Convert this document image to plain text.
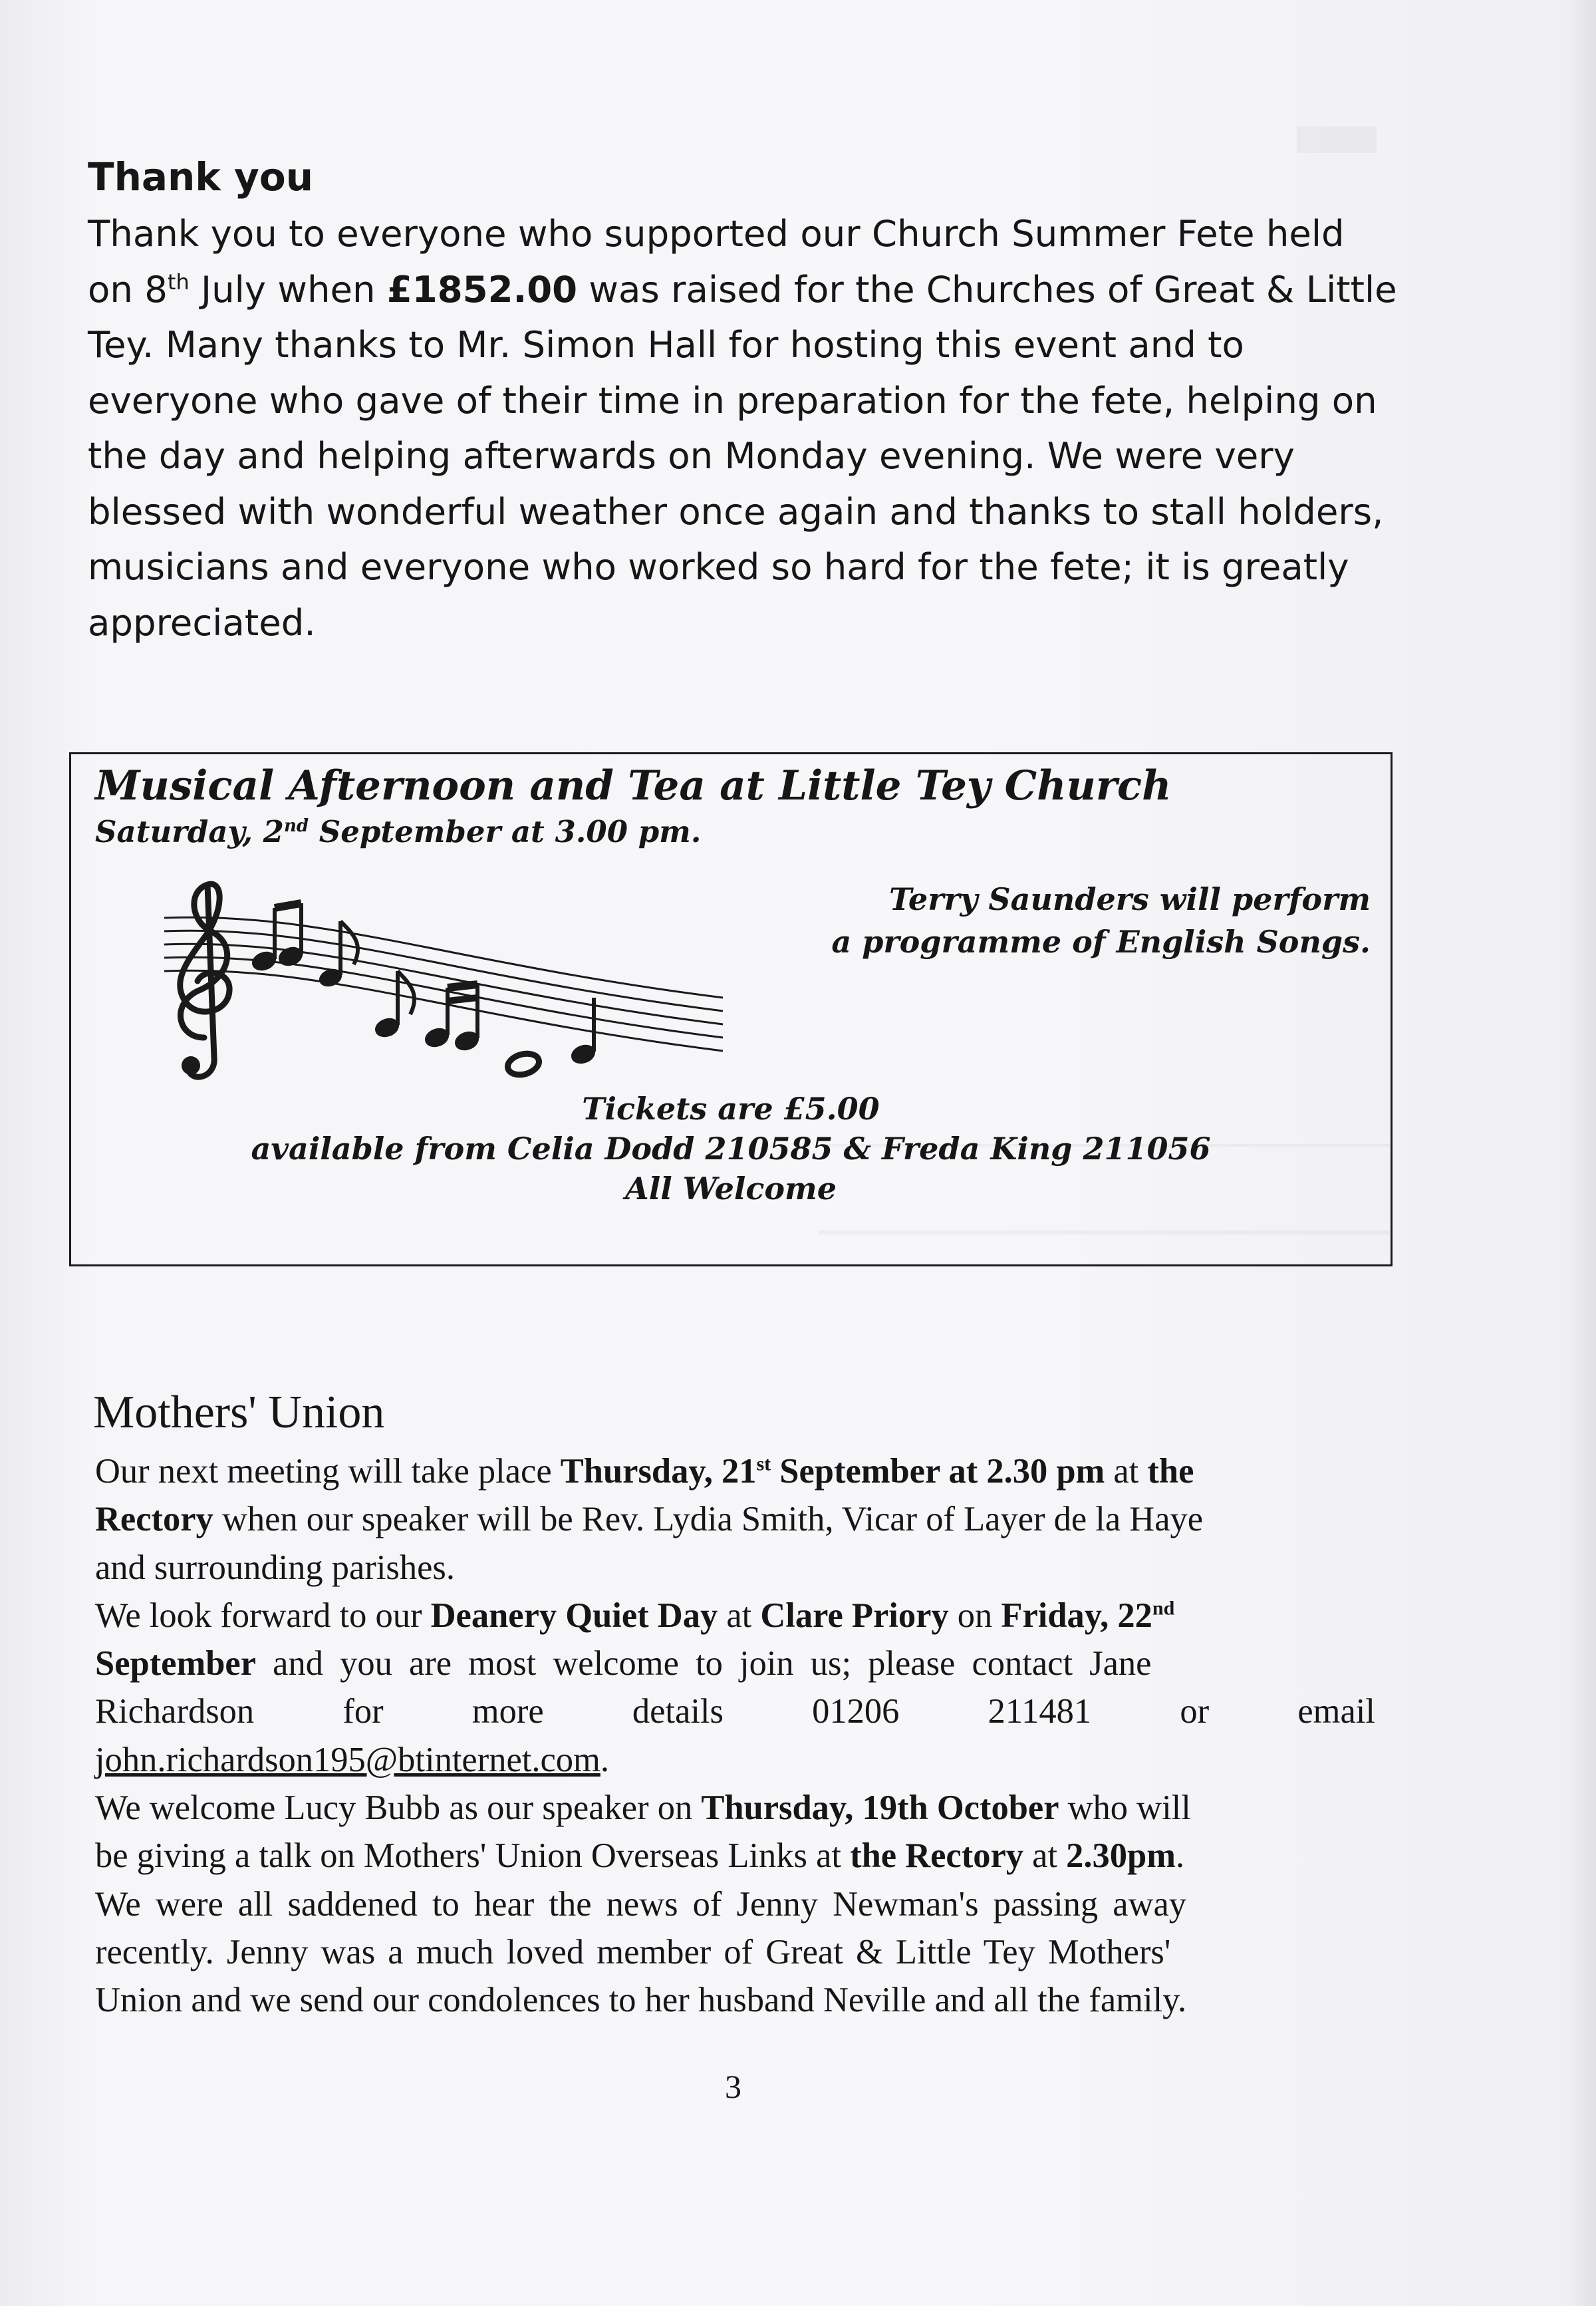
Thank you
Thank you to everyone who supported our Church Summer Fete held
on 8th July when £1852.00 was raised for the Churches of Great & Little
Tey. Many thanks to Mr. Simon Hall for hosting this event and to
everyone who gave of their time in preparation for the fete, helping on
the day and helping afterwards on Monday evening. We were very
blessed with wonderful weather once again and thanks to stall holders,
musicians and everyone who worked so hard for the fete; it is greatly
appreciated.
Musical Afternoon and Tea at Little Tey Church
Saturday, 2nd September at 3.00 pm.
Terry Saunders will perform
a programme of English Songs.
Tickets are £5.00
available from Celia Dodd 210585 & Freda King 211056
All Welcome
Mothers' Union
Our next meeting will take place Thursday, 21st September at 2.30 pm at the
Rectory when our speaker will be Rev. Lydia Smith, Vicar of Layer de la Haye
and surrounding parishes.
We look forward to our Deanery Quiet Day at Clare Priory on Friday, 22nd
September and you are most welcome to join us; please contact Jane
Richardson	for	more	details	01206	211481	or	email
john.richardson195@btinternet.com.
We welcome Lucy Bubb as our speaker on Thursday, 19th October who will
be giving a talk on Mothers' Union Overseas Links at the Rectory at 2.30pm.
We were all saddened to hear the news of Jenny Newman's passing away
recently. Jenny was a much loved member of Great & Little Tey Mothers'
Union and we send our condolences to her husband Neville and all the family.
3
